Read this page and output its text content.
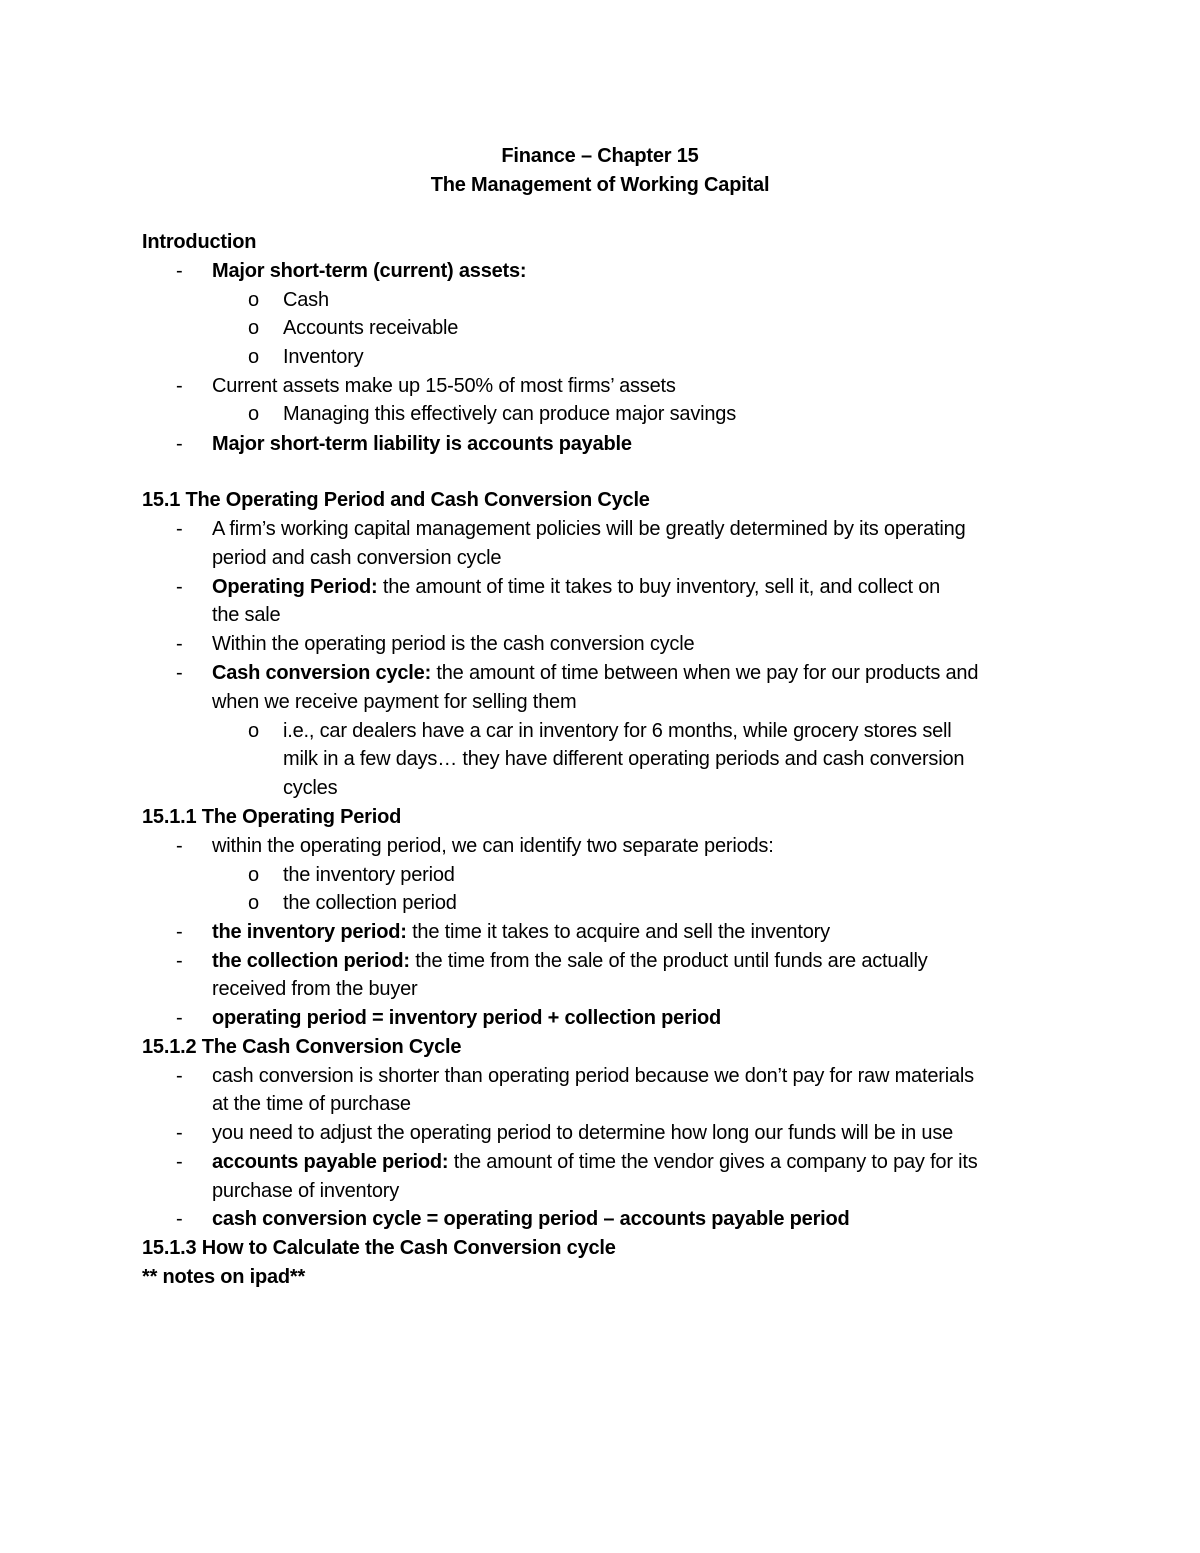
Finance – Chapter 15
The Management of Working Capital
Introduction
- Major short-term (current) assets:
o Cash
o Accounts receivable
o Inventory
- Current assets make up 15-50% of most firms’ assets
o Managing this effectively can produce major savings
- Major short-term liability is accounts payable
15.1 The Operating Period and Cash Conversion Cycle
- A firm’s working capital management policies will be greatly determined by its operating
period and cash conversion cycle
- Operating Period: the amount of time it takes to buy inventory, sell it, and collect on
the sale
- Within the operating period is the cash conversion cycle
- Cash conversion cycle: the amount of time between when we pay for our products and
when we receive payment for selling them
o i.e., car dealers have a car in inventory for 6 months, while grocery stores sell
milk in a few days… they have different operating periods and cash conversion
cycles
15.1.1 The Operating Period
- within the operating period, we can identify two separate periods:
o the inventory period
o the collection period
- the inventory period: the time it takes to acquire and sell the inventory
- the collection period: the time from the sale of the product until funds are actually
received from the buyer
- operating period = inventory period + collection period
15.1.2 The Cash Conversion Cycle
- cash conversion is shorter than operating period because we don’t pay for raw materials
at the time of purchase
- you need to adjust the operating period to determine how long our funds will be in use
- accounts payable period: the amount of time the vendor gives a company to pay for its
purchase of inventory
- cash conversion cycle = operating period – accounts payable period
15.1.3 How to Calculate the Cash Conversion cycle
** notes on ipad**
